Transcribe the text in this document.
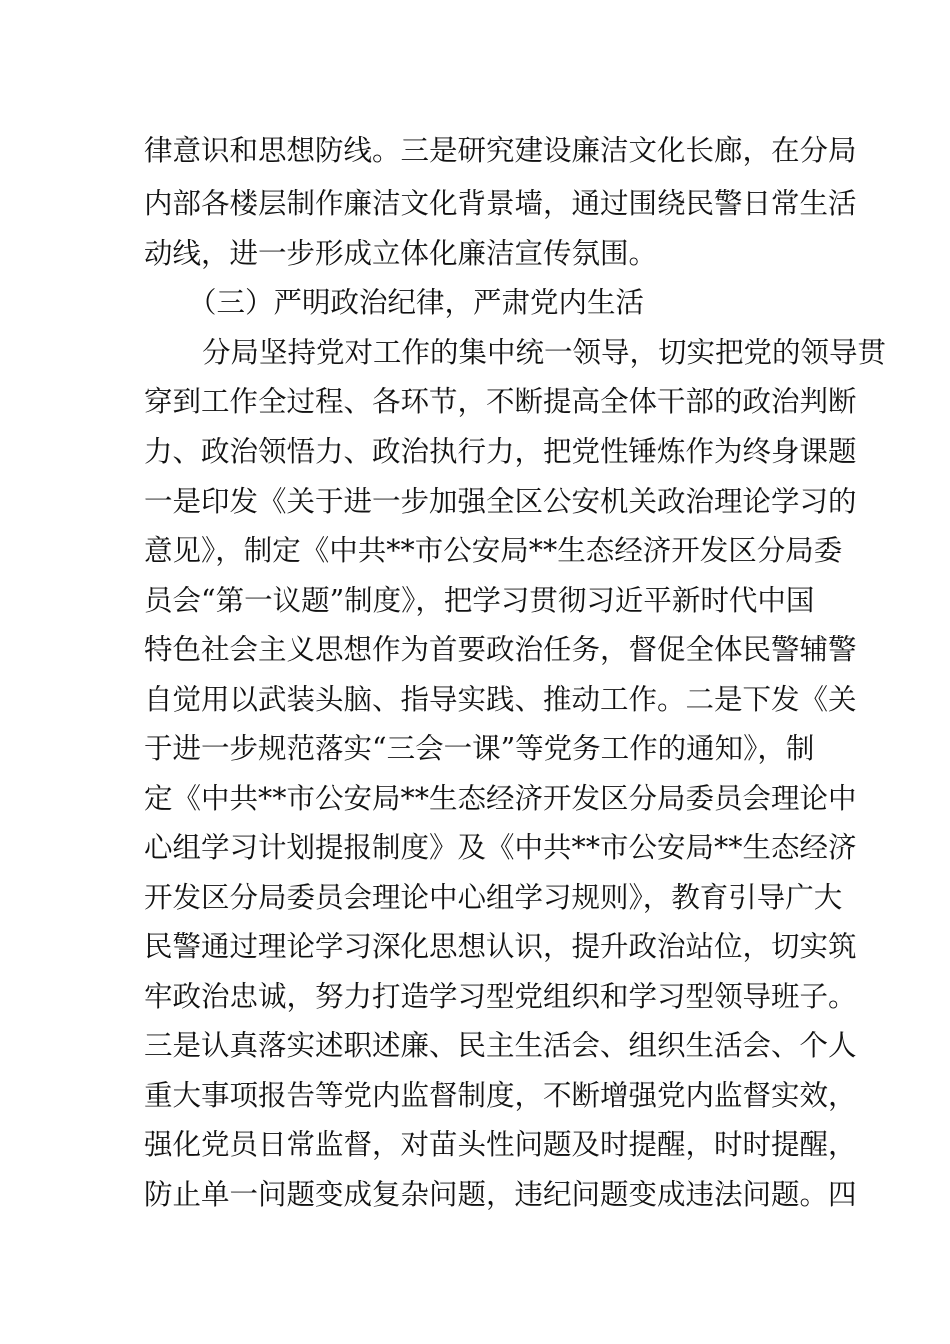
律意识和思想防线。三是研究建设廉洁文化长廊，在分局

内部各楼层制作廉洁文化背景墙，通过围绕民警日常生活

动线，进一步形成立体化廉洁宣传氛围。

（三）严明政治纪律，严肃党内生活

分局坚持党对工作的集中统一领导，切实把党的领导贯

穿到工作全过程、各环节，不断提高全体干部的政治判断

力、政治领悟力、政治执行力，把党性锤炼作为终身课题

一是印发《关于进一步加强全区公安机关政治理论学习的

意见》，制定《中共**市公安局**生态经济开发区分局委

员会“第一议题”制度》，把学习贯彻习近平新时代中国

特色社会主义思想作为首要政治任务，督促全体民警辅警

自觉用以武装头脑、指导实践、推动工作。二是下发《关

于进一步规范落实“三会一课”等党务工作的通知》，制

定《中共**市公安局**生态经济开发区分局委员会理论中

心组学习计划提报制度》及《中共**市公安局**生态经济

开发区分局委员会理论中心组学习规则》，教育引导广大

民警通过理论学习深化思想认识，提升政治站位，切实筑

牢政治忠诚，努力打造学习型党组织和学习型领导班子。

三是认真落实述职述廉、民主生活会、组织生活会、个人

重大事项报告等党内监督制度，不断增强党内监督实效，

强化党员日常监督，对苗头性问题及时提醒，时时提醒，

防止单一问题变成复杂问题，违纪问题变成违法问题。四
